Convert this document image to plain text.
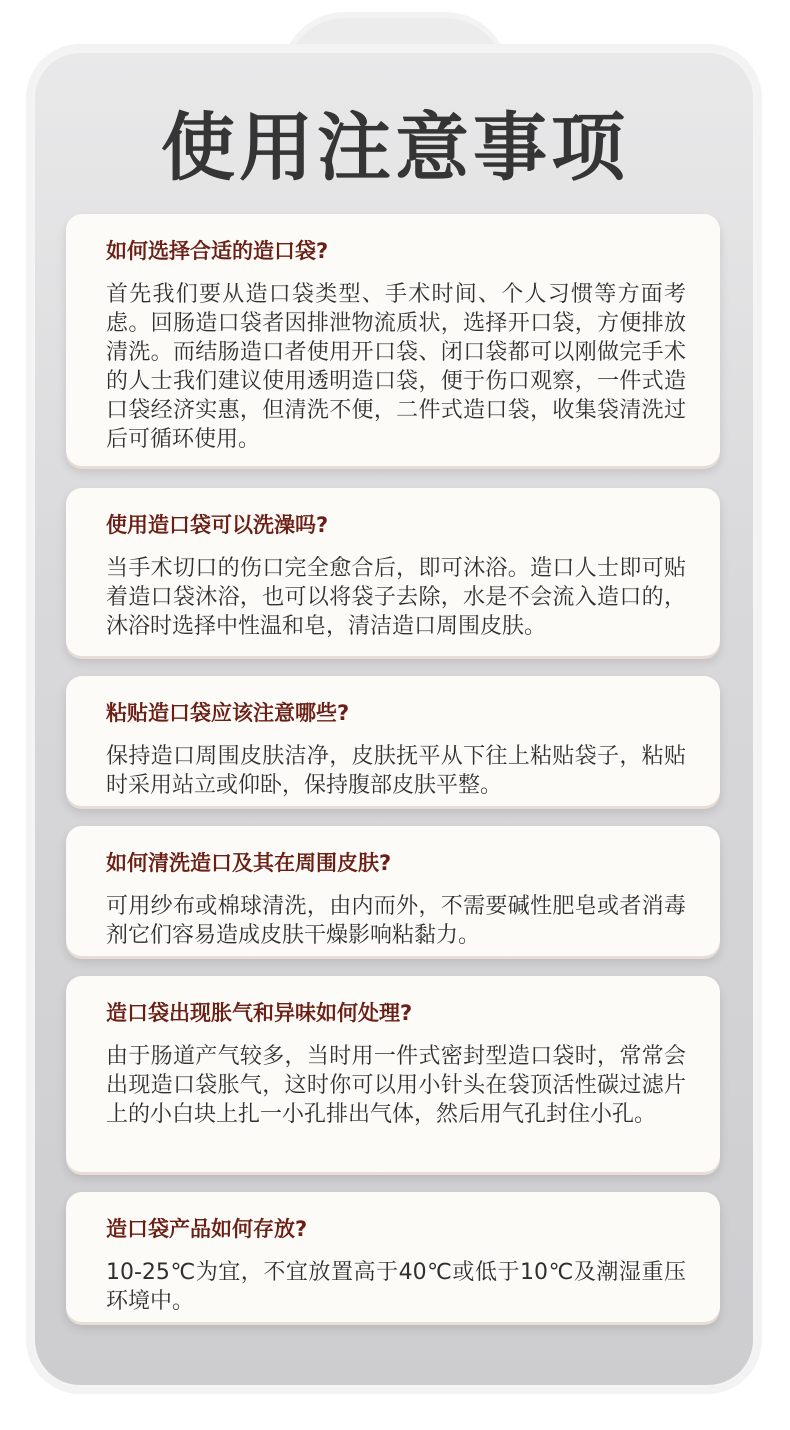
使用注意事项
如何选择合适的造口袋?

首先我们要从造口袋类型、手术时间、个人习惯等方面考虑。回肠造口袋者因排泄物流质状，选择开口袋，方便排放清洗。而结肠造口者使用开口袋、闭口袋都可以刚做完手术的人士我们建议使用透明造口袋，便于伤口观察，一件式造口袋经济实惠，但清洗不便，二件式造口袋，收集袋清洗过后可循环使用。

使用造口袋可以洗澡吗?

当手术切口的伤口完全愈合后，即可沐浴。造口人士即可贴着造口袋沐浴，也可以将袋子去除，水是不会流入造口的，沐浴时选择中性温和皂，清洁造口周围皮肤。

粘贴造口袋应该注意哪些?

保持造口周围皮肤洁净，皮肤抚平从下往上粘贴袋子，粘贴时采用站立或仰卧，保持腹部皮肤平整。

如何清洗造口及其在周围皮肤?

可用纱布或棉球清洗，由内而外，不需要碱性肥皂或者消毒剂它们容易造成皮肤干燥影响粘黏力。

造口袋出现胀气和异味如何处理?

由于肠道产气较多，当时用一件式密封型造口袋时，常常会出现造口袋胀气，这时你可以用小针头在袋顶活性碳过滤片上的小白块上扎一小孔排出气体，然后用气孔封住小孔。

造口袋产品如何存放?

10-25℃为宜，不宜放置高于40℃或低于10℃及潮湿重压环境中。
